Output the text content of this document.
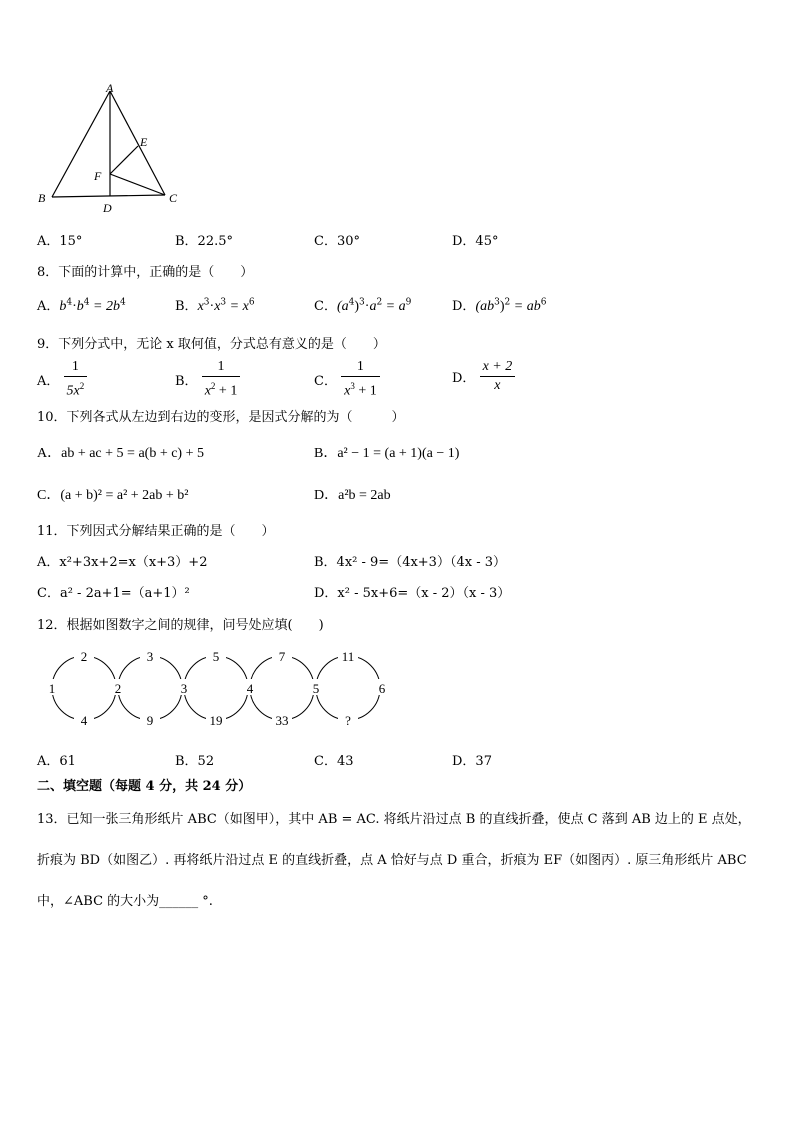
A
E
F
B
D
C
A．15°	B．22.5°	C．30°	D．45°
8．下面的计算中，正确的是（　　）
A．$b^4\cdot b^4 = 2b^4$	B．$x^3\cdot x^3 = x^6$	C．$(a^4)^3\cdot a^2 = a^9$	D．$(ab^3)^2 = ab^6$
9．下列分式中，无论 x 取何值，分式总有意义的是（　　）
A． $\frac{1}{5x^2}$	B． $\frac{1}{x^2 + 1}$	C． $\frac{1}{x^3 + 1}$	D． $\frac{x + 2}{x}$
10．下列各式从左边到右边的变形，是因式分解的为（　　　）
A．ab + ac + 5 = a(b + c) + 5	B．a² − 1 = (a + 1)(a − 1)
C．(a + b)² = a² + 2ab + b²	D．a²b = 2ab
11．下列因式分解结果正确的是（　　）
A．x²+3x+2=x（x+3）+2	B．4x² - 9=（4x+3）（4x - 3）
C．a² - 2a+1=（a+1）²	D．x² - 5x+6=（x - 2）（x - 3）
12．根据如图数字之间的规律，问号处应填(　　)
1	2	3	4	5	6
2	3	5	7	11
4	9	19	33	?
A．61	B．52	C．43	D．37
二、填空题（每题 4 分，共 24 分）
13．已知一张三角形纸片 ABC（如图甲），其中 AB = AC. 将纸片沿过点 B 的直线折叠，使点 C 落到 AB 边上的 E 点处，
折痕为 BD（如图乙）. 再将纸片沿过点 E 的直线折叠，点 A 恰好与点 D 重合，折痕为 EF（如图丙）. 原三角形纸片 ABC
中，∠ABC 的大小为______ °.
